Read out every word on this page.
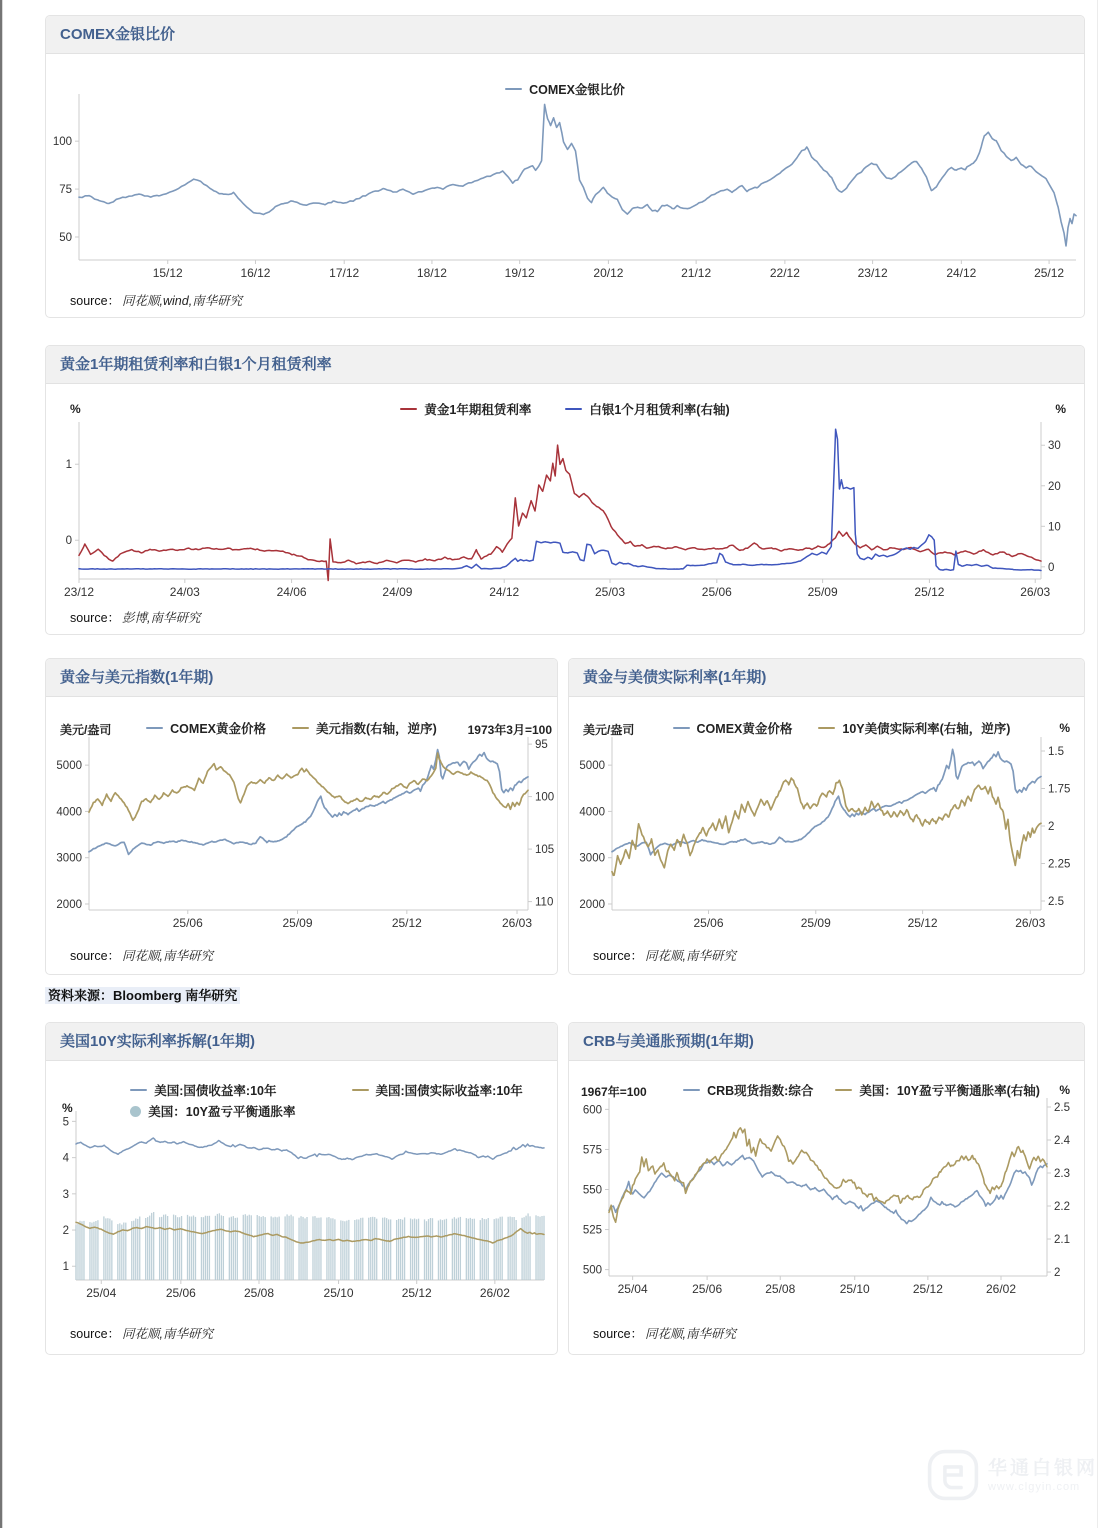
COMEX金银比价
50
75
100
15/12	16/12	17/12	18/12	19/12	20/12	21/12	22/12	23/12	24/12	25/12
COMEX金银比价
source： 同花顺,wind,南华研究
黄金1年期租赁利率和白银1个月租赁利率
0
1
0
10
20
30
23/12	24/03	24/06	24/09	24/12	25/03	25/06	25/09	25/12	26/03
%	%
黄金1年期租赁利率	白银1个月租赁利率(右轴)
source： 彭博,南华研究
黄金与美元指数(1年期)
2000
3000
4000
5000
95
100
105
110
25/06	25/09	25/12	26/03
美元/盎司	1973年3月=100
COMEX黄金价格	美元指数(右轴，逆序)
source： 同花顺,南华研究
黄金与美债实际利率(1年期)
2000
3000
4000
5000
1.5
1.75
2
2.25
2.5
25/06	25/09	25/12	26/03
美元/盎司	%
COMEX黄金价格	10Y美债实际利率(右轴，逆序)
source： 同花顺,南华研究
资料来源：Bloomberg 南华研究
美国10Y实际利率拆解(1年期)
1
2
3
4
5
25/04	25/06	25/08	25/10	25/12	26/02
%
美国:国债收益率:10年	美国:国债实际收益率:10年
美国：10Y盈亏平衡通胀率
source： 同花顺,南华研究
CRB与美通胀预期(1年期)
500
525
550
575
600
2
2.1
2.2
2.3
2.4
2.5
25/04	25/06	25/08	25/10	25/12	26/02
1967年=100	%
CRB现货指数:综合	美国：10Y盈亏平衡通胀率(右轴)
source： 同花顺,南华研究
华通白银网
www.clgyin.com
